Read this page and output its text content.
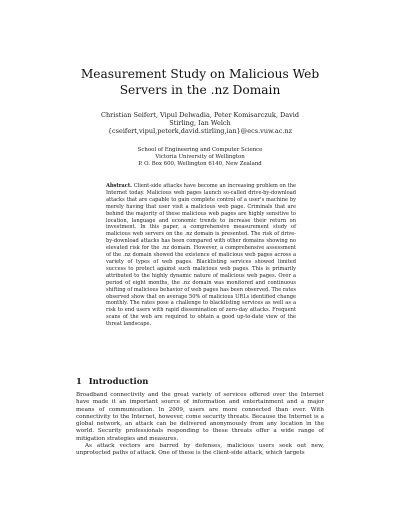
Measurement Study on Malicious Web Servers in the .nz Domain
Christian Seifert, Vipul Delwadia, Peter Komisarczuk, David Stirling, Ian Welch
{cseifert,vipul,peterk,david.stirling,ian}@ecs.vuw.ac.nz
School of Engineering and Computer Science
Victoria University of Wellington
P. O. Box 600, Wellington 6140, New Zealand
Abstract. Client-side attacks have become an increasing problem on the Internet today. Malicious web pages launch so-called drive-by-download attacks that are capable to gain complete control of a user's machine by merely having that user visit a malicious web page. Criminals that are behind the majority of these malicious web pages are highly sensitive to location, language and economic trends to increase their return on investment. In this paper, a comprehensive measurement study of malicious web servers on the .nz domain is presented. The risk of drive-by-download attacks has been compared with other domains showing no elevated risk for the .nz domain. However, a comprehensive assessment of the .nz domain showed the existence of malicious web pages across a variety of types of web pages. Blacklisting services showed limited success to protect against such malicious web pages. This is primarily attributed to the highly dynamic nature of malicious web pages. Over a period of eight months, the .nz domain was monitored and continuous shifting of malicious behavior of web pages has been observed. The rates observed show that on average 50% of malicious URLs identified change monthly. The rates pose a challenge to blacklisting services as well as a risk to end users with rapid dissemination of zero-day attacks. Frequent scans of the web are required to obtain a good up-to-date view of the threat landscape.
1 Introduction

Broadband connectivity and the great variety of services offered over the Internet have made it an important source of information and entertainment and a major means of communication. In 2009, users are more connected than ever. With connectivity to the Internet, however, come security threats. Because the Internet is a global network, an attack can be delivered anonymously from any location in the world. Security professionals responding to these threats offer a wide range of mitigation strategies and measures.

As attack vectors are barred by defenses, malicious users seek out new, unprotected paths of attack. One of these is the client-side attack, which targets
